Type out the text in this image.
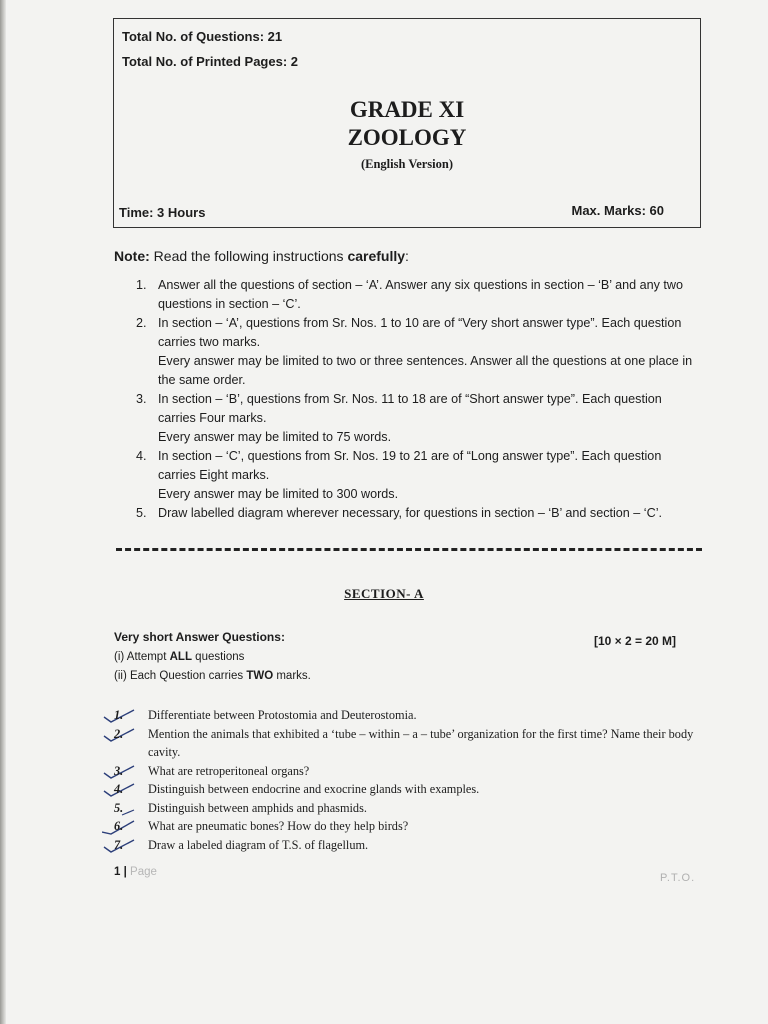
Total No. of Questions: 21
Total No. of Printed Pages: 2
GRADE XI
ZOOLOGY
(English Version)
Time: 3 Hours	Max. Marks: 60
Note: Read the following instructions carefully:
1. Answer all the questions of section – ‘A’. Answer any six questions in section – ‘B’ and any two questions in section – ‘C’.
2. In section – ‘A’, questions from Sr. Nos. 1 to 10 are of “Very short answer type”. Each question carries two marks.
Every answer may be limited to two or three sentences. Answer all the questions at one place in the same order.
3. In section – ‘B’, questions from Sr. Nos. 11 to 18 are of “Short answer type”. Each question carries Four marks.
Every answer may be limited to 75 words.
4. In section – ‘C’, questions from Sr. Nos. 19 to 21 are of “Long answer type”. Each question carries Eight marks.
Every answer may be limited to 300 words.
5. Draw labelled diagram wherever necessary, for questions in section – ‘B’ and section – ‘C’.
SECTION- A
Very short Answer Questions:	[10 × 2 = 20 M]
(i) Attempt ALL questions
(ii) Each Question carries TWO marks.
1. Differentiate between Protostomia and Deuterostomia.
2. Mention the animals that exhibited a ‘tube – within – a – tube’ organization for the first time? Name their body cavity.
3. What are retroperitoneal organs?
4. Distinguish between endocrine and exocrine glands with examples.
5. Distinguish between amphids and phasmids.
6. What are pneumatic bones? How do they help birds?
7. Draw a labeled diagram of T.S. of flagellum.
1 | Page	P.T.O.
